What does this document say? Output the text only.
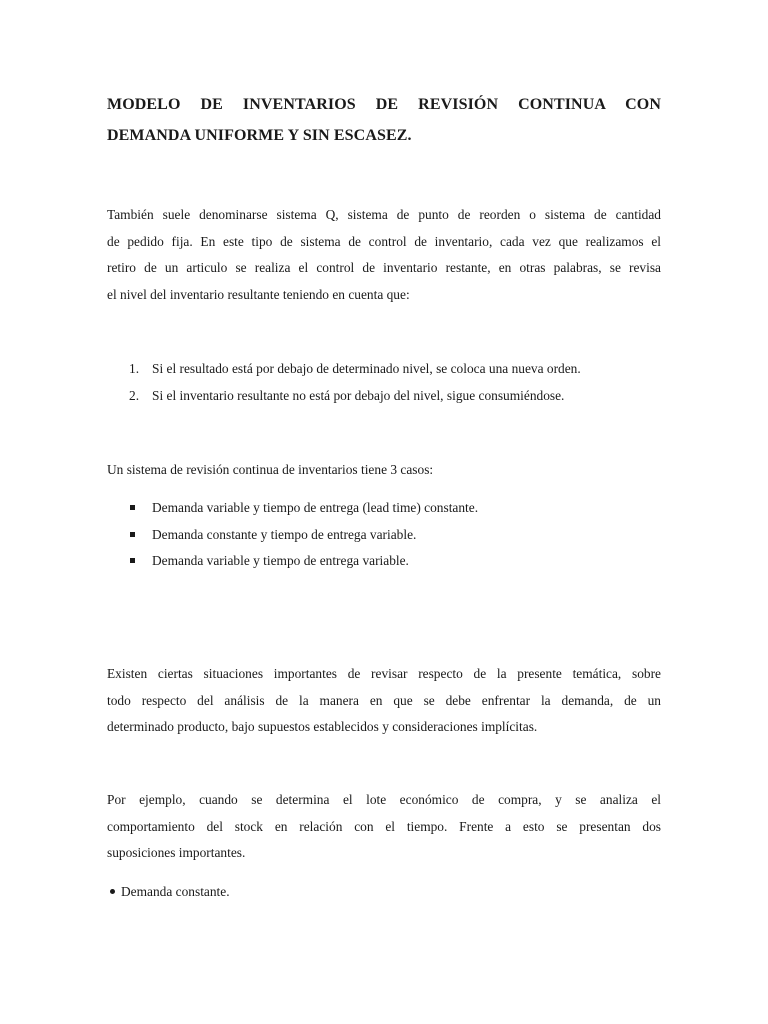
MODELO DE INVENTARIOS DE REVISIÓN CONTINUA CON
DEMANDA UNIFORME Y SIN ESCASEZ.

También suele denominarse sistema Q, sistema de punto de reorden o sistema de cantidad
de pedido fija. En este tipo de sistema de control de inventario, cada vez que realizamos el
retiro de un articulo se realiza el control de inventario restante, en otras palabras, se revisa
el nivel del inventario resultante teniendo en cuenta que:

1. Si el resultado está por debajo de determinado nivel, se coloca una nueva orden.
2. Si el inventario resultante no está por debajo del nivel, sigue consumiéndose.

Un sistema de revisión continua de inventarios tiene 3 casos:

Demanda variable y tiempo de entrega (lead time) constante.
Demanda constante y tiempo de entrega variable.
Demanda variable y tiempo de entrega variable.

Existen ciertas situaciones importantes de revisar respecto de la presente temática, sobre
todo respecto del análisis de la manera en que se debe enfrentar la demanda, de un
determinado producto, bajo supuestos establecidos y consideraciones implícitas.

Por ejemplo, cuando se determina el lote económico de compra, y se analiza el
comportamiento del stock en relación con el tiempo. Frente a esto se presentan dos
suposiciones importantes.

Demanda constante.
